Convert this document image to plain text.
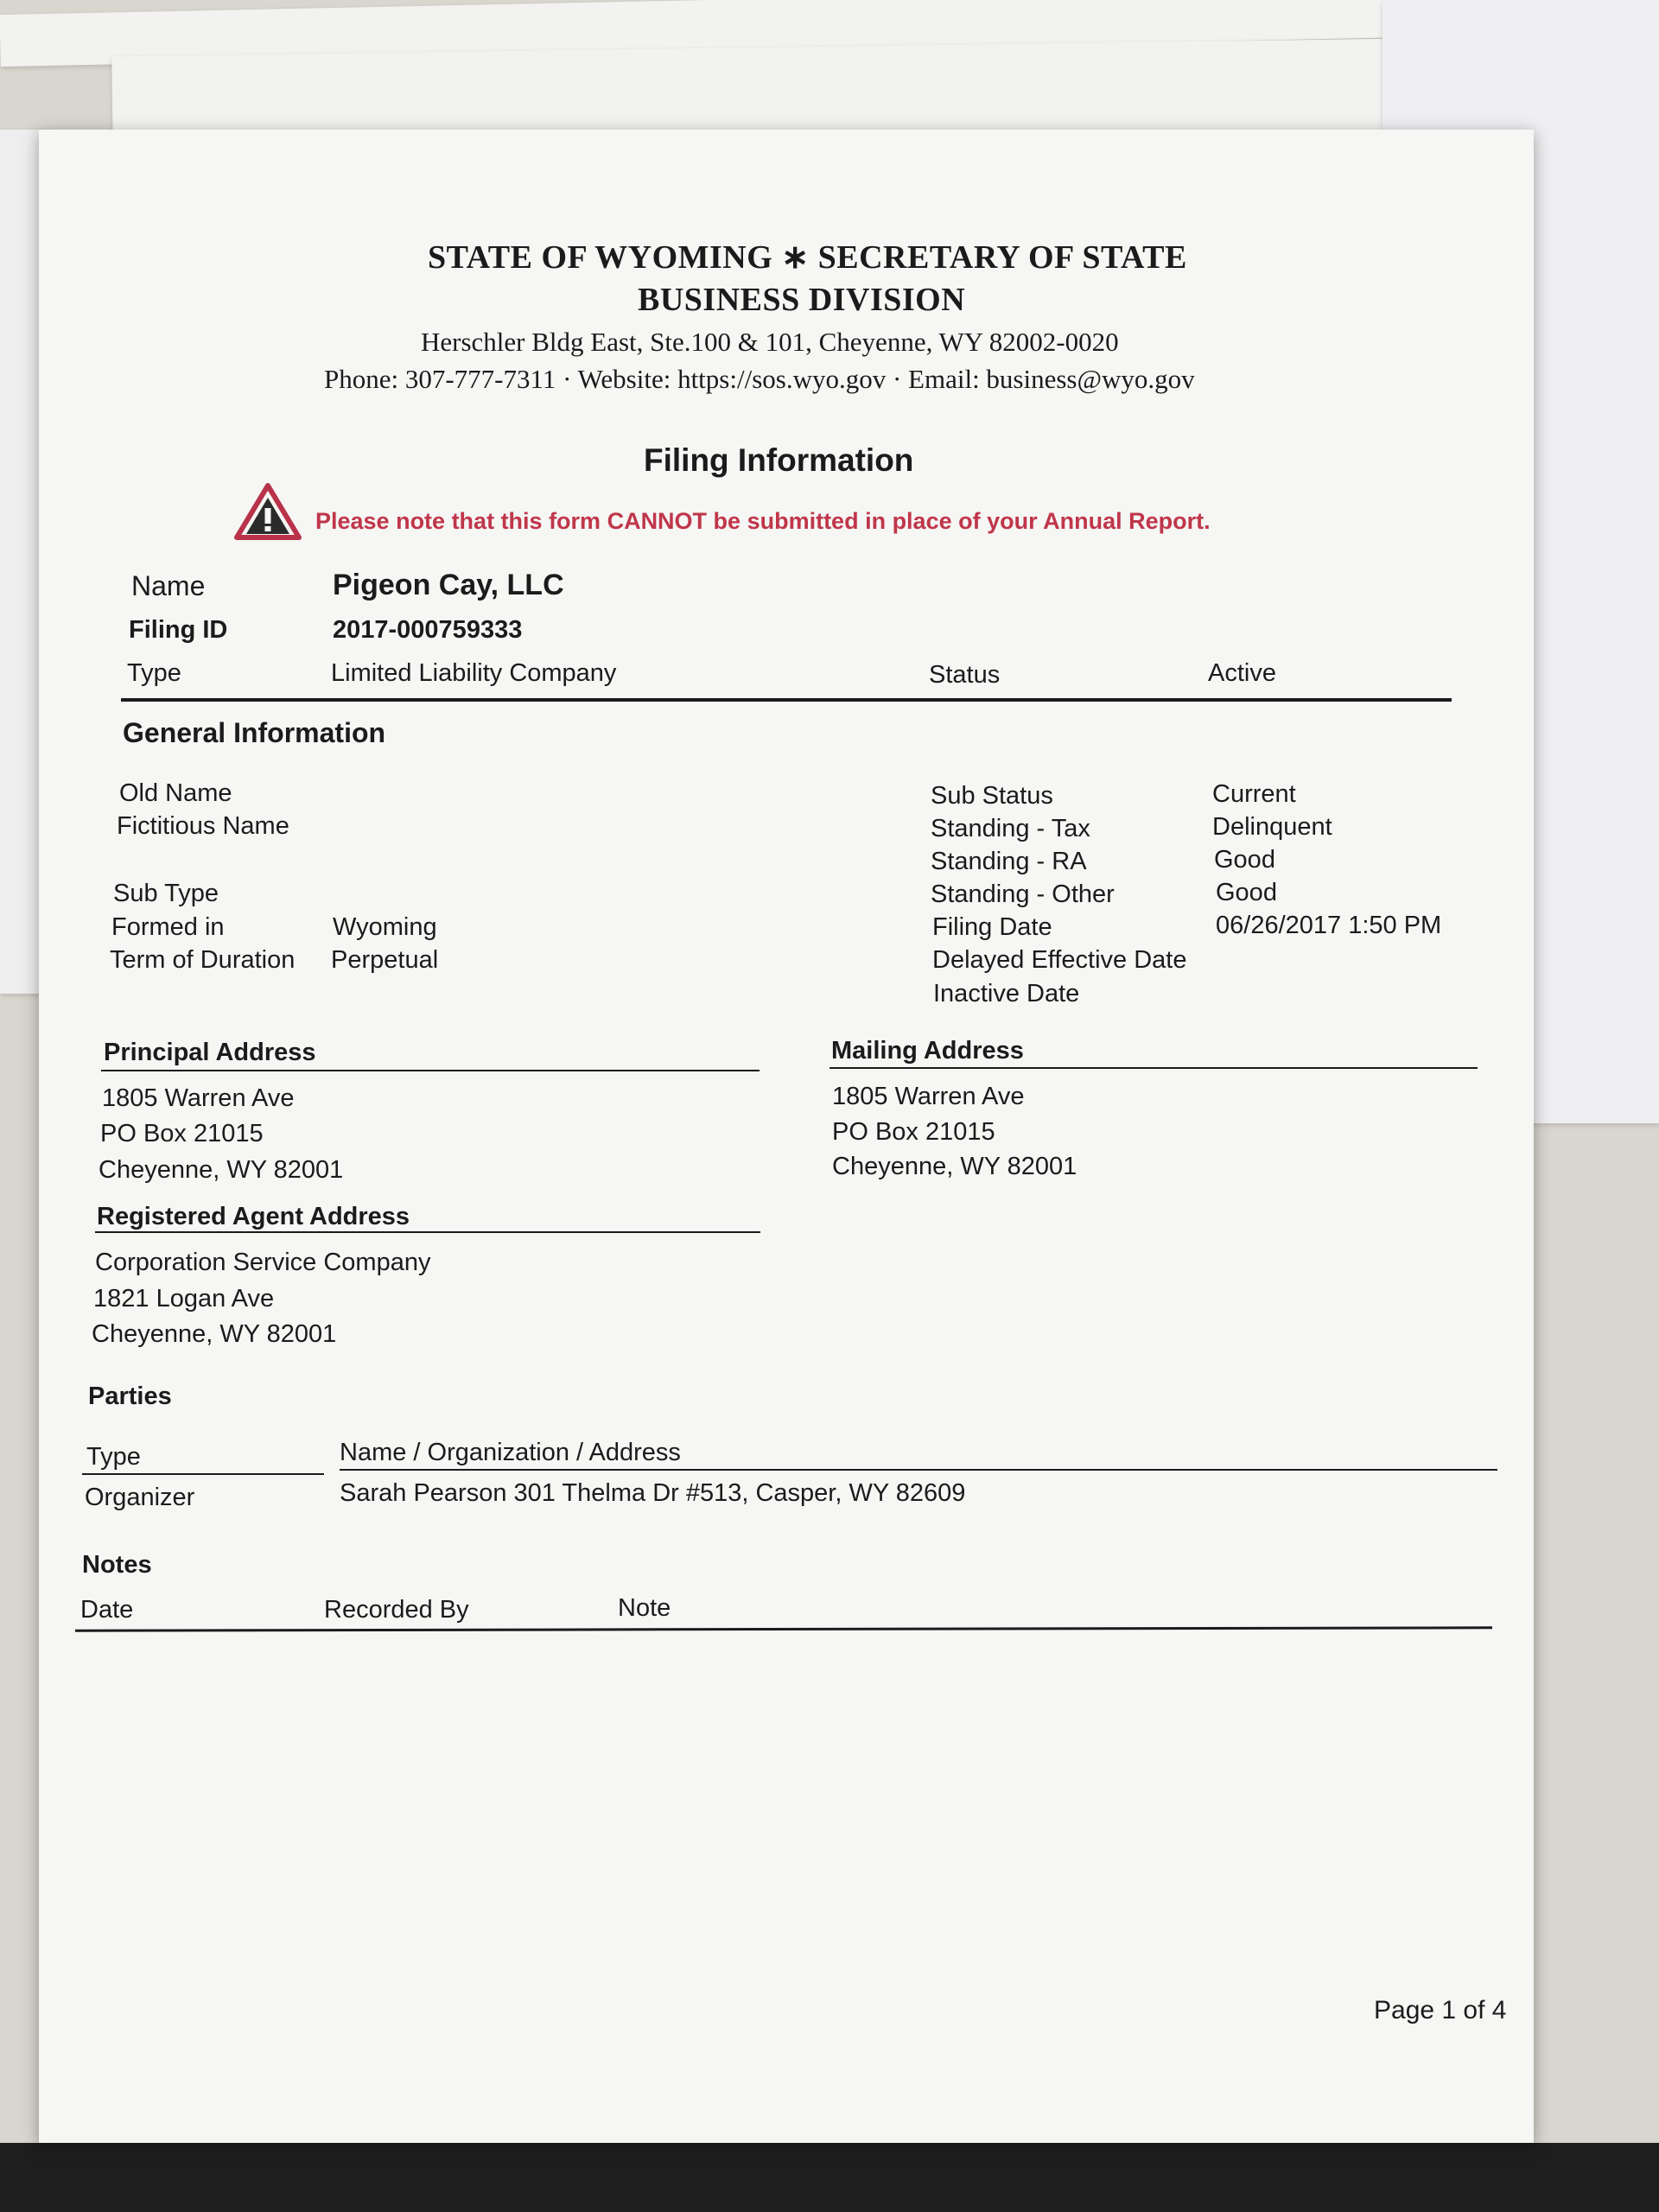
STATE OF WYOMING ∗ SECRETARY OF STATE
BUSINESS DIVISION
Herschler Bldg East, Ste.100 & 101, Cheyenne, WY 82002-0020
Phone: 307-777-7311 · Website: https://sos.wyo.gov · Email: business@wyo.gov
Filing Information
Please note that this form CANNOT be submitted in place of your Annual Report.
Name	Pigeon Cay, LLC
Filing ID	2017-000759333
Type	Limited Liability Company	Status	Active
General Information
Old Name
Fictitious Name
Sub Type
Formed in	Wyoming
Term of Duration Perpetual
Sub Status	Current
Standing - Tax	Delinquent
Standing - RA	Good
Standing - Other	Good
Filing Date	06/26/2017 1:50 PM
Delayed Effective Date
Inactive Date
Principal Address
1805 Warren Ave
PO Box 21015
Cheyenne, WY 82001
Mailing Address
1805 Warren Ave
PO Box 21015
Cheyenne, WY 82001
Registered Agent Address
Corporation Service Company
1821 Logan Ave
Cheyenne, WY 82001
Parties
Type	Name / Organization / Address
Organizer	Sarah Pearson 301 Thelma Dr #513, Casper, WY 82609
Notes
Date	Recorded By	Note
Page 1 of 4
